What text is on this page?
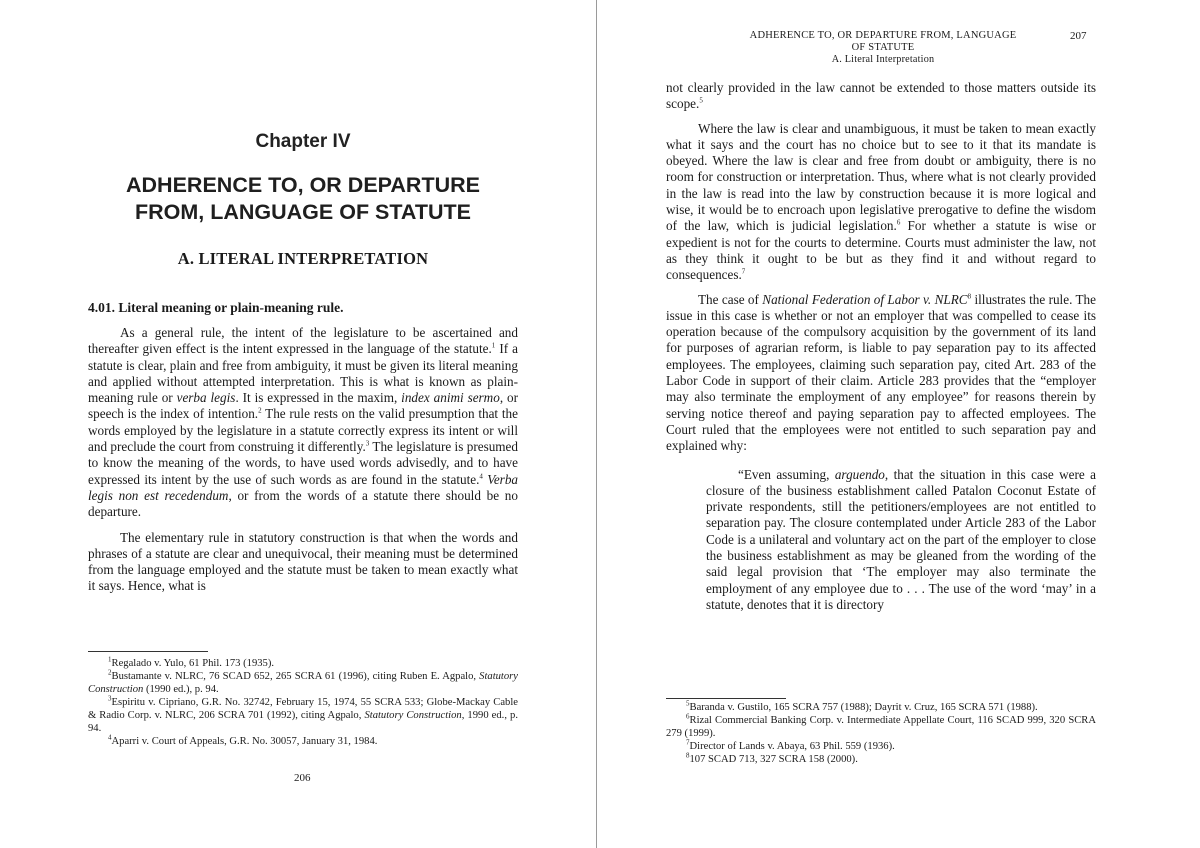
Chapter IV
ADHERENCE TO, OR DEPARTURE
FROM, LANGUAGE OF STATUTE
A. LITERAL INTERPRETATION
4.01. Literal meaning or plain-meaning rule.

As a general rule, the intent of the legislature to be ascertained and thereafter given effect is the intent expressed in the language of the statute.$^1$ If a statute is clear, plain and free from ambiguity, it must be given its literal meaning and applied without attempted interpretation. This is what is known as plain-meaning rule or verba legis. It is expressed in the maxim, index animi sermo, or speech is the index of intention.$^2$ The rule rests on the valid presumption that the words employed by the legislature in a statute correctly express its intent or will and preclude the court from construing it differently.$^3$ The legislature is presumed to know the meaning of the words, to have used words advisedly, and to have expressed its intent by the use of such words as are found in the statute.$^4$ Verba legis non est recedendum, or from the words of a statute there should be no departure.

The elementary rule in statutory construction is that when the words and phrases of a statute are clear and unequivocal, their meaning must be determined from the language employed and the statute must be taken to mean exactly what it says. Hence, what is

$^1$Regalado v. Yulo, 61 Phil. 173 (1935).

$^2$Bustamante v. NLRC, 76 SCAD 652, 265 SCRA 61 (1996), citing Ruben E. Agpalo, Statutory Construction (1990 ed.), p. 94.

$^3$Espiritu v. Cipriano, G.R. No. 32742, February 15, 1974, 55 SCRA 533; Globe-Mackay Cable & Radio Corp. v. NLRC, 206 SCRA 701 (1992), citing Agpalo, Statutory Construction, 1990 ed., p. 94.

$^4$Aparri v. Court of Appeals, G.R. No. 30057, January 31, 1984.

206
ADHERENCE TO, OR DEPARTURE FROM, LANGUAGE
OF STATUTE
A. Literal Interpretation
207

not clearly provided in the law cannot be extended to those matters outside its scope.$^5$

Where the law is clear and unambiguous, it must be taken to mean exactly what it says and the court has no choice but to see to it that its mandate is obeyed. Where the law is clear and free from doubt or ambiguity, there is no room for construction or interpretation. Thus, where what is not clearly provided in the law is read into the law by construction because it is more logical and wise, it would be to encroach upon legislative prerogative to define the wisdom of the law, which is judicial legislation.$^6$ For whether a statute is wise or expedient is not for the courts to determine. Courts must administer the law, not as they think it ought to be but as they find it and without regard to consequences.$^7$

The case of National Federation of Labor v. NLRC$^8$ illustrates the rule. The issue in this case is whether or not an employer that was compelled to cease its operation because of the compulsory acquisition by the government of its land for purposes of agrarian reform, is liable to pay separation pay to its affected employees. The employees, claiming such separation pay, cited Art. 283 of the Labor Code in support of their claim. Article 283 provides that the “employer may also terminate the employment of any employee” for reasons therein by serving notice thereof and paying separation pay to affected employees. The Court ruled that the employees were not entitled to such separation pay and explained why:

“Even assuming, arguendo, that the situation in this case were a closure of the business establishment called Patalon Coconut Estate of private respondents, still the petitioners/employees are not entitled to separation pay. The closure contemplated under Article 283 of the Labor Code is a unilateral and voluntary act on the part of the employer to close the business establishment as may be gleaned from the wording of the said legal provision that ‘The employer may also terminate the employment of any employee due to . . . The use of the word ‘may’ in a statute, denotes that it is directory

$^5$Baranda v. Gustilo, 165 SCRA 757 (1988); Dayrit v. Cruz, 165 SCRA 571 (1988).

$^6$Rizal Commercial Banking Corp. v. Intermediate Appellate Court, 116 SCAD 999, 320 SCRA 279 (1999).

$^7$Director of Lands v. Abaya, 63 Phil. 559 (1936).

$^8$107 SCAD 713, 327 SCRA 158 (2000).
